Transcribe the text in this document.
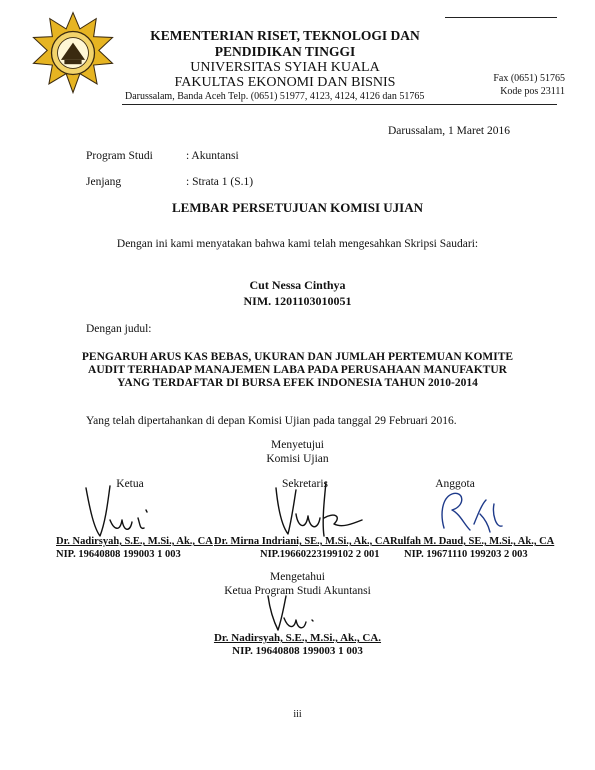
KEMENTERIAN RISET, TEKNOLOGI DAN
PENDIDIKAN TINGGI
UNIVERSITAS SYIAH KUALA
FAKULTAS EKONOMI DAN BISNIS
Darussalam, Banda Aceh Telp. (0651) 51977, 4123, 4124, 4126 dan 51765
Fax (0651) 51765
Kode pos 23111
Darussalam, 1 Maret 2016
Program Studi	: Akuntansi
Jenjang	: Strata 1 (S.1)
LEMBAR PERSETUJUAN KOMISI UJIAN
Dengan ini kami menyatakan bahwa kami telah mengesahkan Skripsi Saudari:
Cut Nessa Cinthya
NIM. 1201103010051
Dengan judul:
PENGARUH ARUS KAS BEBAS, UKURAN DAN JUMLAH PERTEMUAN KOMITE
AUDIT TERHADAP MANAJEMEN LABA PADA PERUSAHAAN MANUFAKTUR
YANG TERDAFTAR DI BURSA EFEK INDONESIA TAHUN 2010-2014
Yang telah dipertahankan di depan Komisi Ujian pada tanggal 29 Februari 2016.
Menyetujui
Komisi Ujian
Ketua	Sekretaris	Anggota
Dr. Nadirsyah, S.E., M.Si., Ak., CA
NIP. 19640808 199003 1 003
Dr. Mirna Indriani, SE., M.Si., Ak., CA
NIP.19660223199102 2 001
Rulfah M. Daud, SE., M.Si., Ak., CA
NIP. 19671110 199203 2 003
Mengetahui
Ketua Program Studi Akuntansi
Dr. Nadirsyah, S.E., M.Si., Ak., CA.
NIP. 19640808 199003 1 003
iii
